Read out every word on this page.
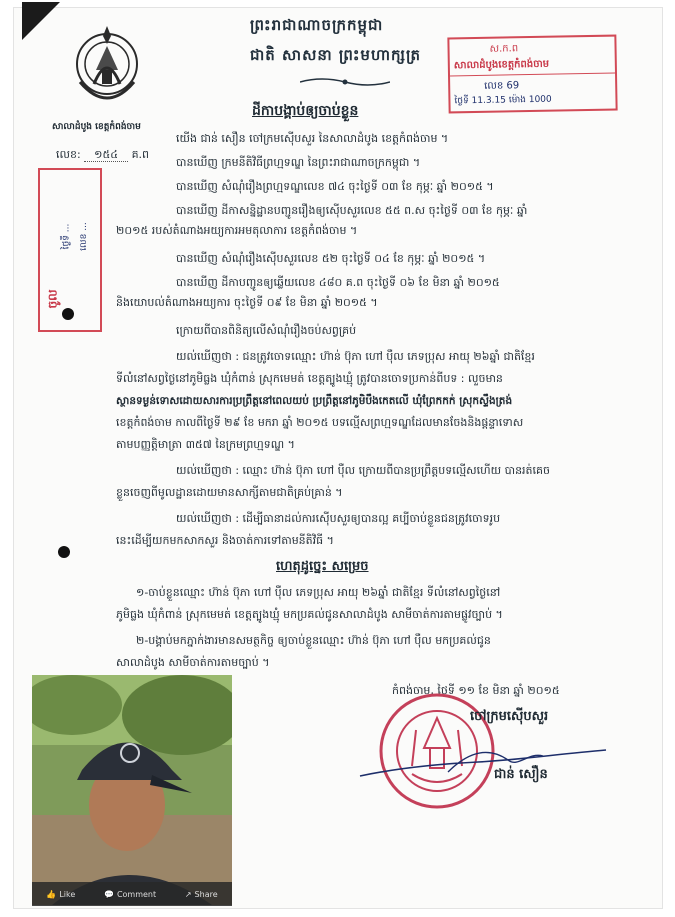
សាលាដំបូង ខេត្តកំពង់ចាម
លេខ: ១៥៤ គ.ព
ព្រះរាជាណាចក្រកម្ពុជា
ជាតិ សាសនា ព្រះមហាក្សត្រ	ស.ក.ព
សាលាដំបូងខេត្តកំពង់ចាម
លេខ 69
ថ្ងៃទី 11.3.15 ម៉ោង 1000
ចូល
ថ្ងៃទី ... លេខ ...
ដីកាបង្គាប់ឲ្យចាប់ខ្លួន
យើង ជាន់ សឿន ចៅក្រមស៊ើបសួរ នៃសាលាដំបូង ខេត្តកំពង់ចាម ។
បានឃើញ ក្រមនីតិវិធីព្រហ្មទណ្ឌ នៃព្រះរាជាណាចក្រកម្ពុជា ។
បានឃើញ សំណុំរឿងព្រហ្មទណ្ឌលេខ ៧៤ ចុះថ្ងៃទី ០៣ ខែ កុម្ភៈ ឆ្នាំ ២០១៥ ។
បានឃើញ ដីកាសន្និដ្ឋានបញ្ជូនរឿងឲ្យស៊ើបសួរលេខ ៥៥ ព.ស ចុះថ្ងៃទី ០៣ ខែ កុម្ភៈ ឆ្នាំ
២០១៥ របស់តំណាងអយ្យការអមតុលាការ ខេត្តកំពង់ចាម ។
បានឃើញ សំណុំរឿងស៊ើបសួរលេខ ៥២ ចុះថ្ងៃទី ០៤ ខែ កុម្ភៈ ឆ្នាំ ២០១៥ ។
បានឃើញ ដីកាបញ្ជូនឲ្យឆ្លើយលេខ ៤៨០ គ.ព ចុះថ្ងៃទី ០៦ ខែ មិនា ឆ្នាំ ២០១៥
និងយោបល់តំណាងអយ្យការ ចុះថ្ងៃទី ០៩ ខែ មិនា ឆ្នាំ ២០១៥ ។
ក្រោយពីបានពិនិត្យលើសំណុំរឿងចប់សព្វគ្រប់
យល់ឃើញថា : ជនត្រូវចោទឈ្មោះ ហ៊ាន់ ប៊ុភា ហៅ ប៉ឺល ភេទប្រុស អាយុ ២៦ឆ្នាំ ជាតិខ្មែរ
ទីលំនៅសព្វថ្ងៃនៅភូមិធ្លង ឃុំកំពាន់ ស្រុកមេមត់ ខេត្តត្បូងឃ្មុំ ត្រូវបានចោទប្រកាន់ពីបទ : លួចមាន
ស្ថានទម្ងន់ទោសដោយសារការប្រព្រឹត្តនៅពេលយប់ ប្រព្រឹត្តនៅភូមិបឹងកេតលើ ឃុំព្រែកកក់ ស្រុកស្ទឹងត្រង់
ខេត្តកំពង់ចាម កាលពីថ្ងៃទី ២៩ ខែ មករា ឆ្នាំ ២០១៥ បទល្មើសព្រហ្មទណ្ឌដែលមានចែងនិងផ្តន្ទាទោស
តាមបញ្ញត្តិមាត្រា ៣៥៧ នៃក្រមព្រហ្មទណ្ឌ ។
យល់ឃើញថា : ឈ្មោះ ហ៊ាន់ ប៊ុភា ហៅ ប៉ឺល ក្រោយពីបានប្រព្រឹត្តបទល្មើសហើយ បានរត់គេច
ខ្លួនចេញពីមូលដ្ឋានដោយមានសាក្សីតាមជាតិគ្រប់គ្រាន់ ។
យល់ឃើញថា : ដើម្បីធានាដល់ការស៊ើបសួរឲ្យបានល្អ គប្បីចាប់ខ្លួនជនត្រូវចោទរូប
នេះដើម្បីយកមកសាកសួរ និងចាត់ការទៅតាមនីតិវិធី ។
ហេតុដូច្នេះ សម្រេច
១-ចាប់ខ្លួនឈ្មោះ ហ៊ាន់ ប៊ុភា ហៅ ប៉ឺល ភេទប្រុស អាយុ ២៦ឆ្នាំ ជាតិខ្មែរ ទីលំនៅសព្វថ្ងៃនៅ
ភូមិធ្លង ឃុំកំពាន់ ស្រុកមេមត់ ខេត្តត្បូងឃ្មុំ មកប្រគល់ជូនសាលាដំបូង សាមីចាត់ការតាមផ្លូវច្បាប់ ។
២-បង្គាប់មកភ្នាក់ងារមានសមត្ថកិច្ច ឲ្យចាប់ខ្លួនឈ្មោះ ហ៊ាន់ ប៊ុភា ហៅ ប៉ឺល មកប្រគល់ជូន
សាលាដំបូង សាមីចាត់ការតាមច្បាប់ ។
កំពង់ចាម, ថ្ងៃទី ១១ ខែ មិនា ឆ្នាំ ២០១៥
ចៅក្រមស៊ើបសួរ
ជាន់ សឿន
👍 Like	💬 Comment	↗ Share
